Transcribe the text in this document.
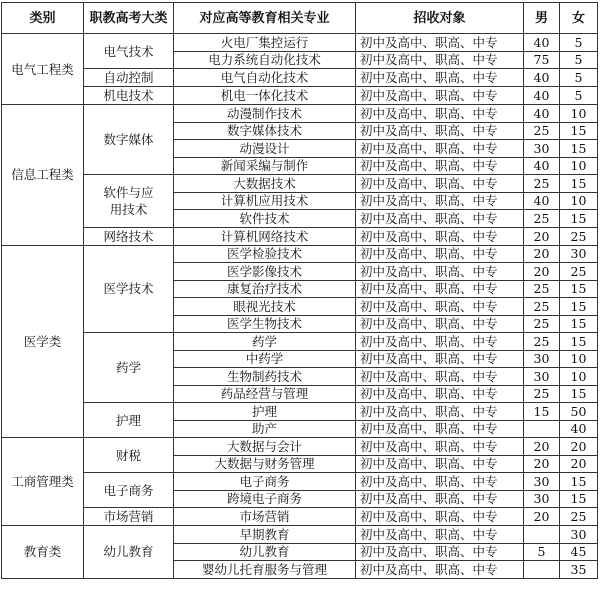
类别	职教高考大类	对应高等教育相关专业	招收对象	男	女
电气工程类	电气技术	火电厂集控运行	初中及高中、职高、中专	40	5
		电力系统自动化技术	初中及高中、职高、中专	75	5
	自动控制	电气自动化技术	初中及高中、职高、中专	40	5
	机电技术	机电一体化技术	初中及高中、职高、中专	40	5
信息工程类	数字媒体	动漫制作技术	初中及高中、职高、中专	40	10
		数字媒体技术	初中及高中、职高、中专	25	15
		动漫设计	初中及高中、职高、中专	30	15
		新闻采编与制作	初中及高中、职高、中专	40	10
	软件与应用技术	大数据技术	初中及高中、职高、中专	25	15
		计算机应用技术	初中及高中、职高、中专	40	10
		软件技术	初中及高中、职高、中专	25	15
	网络技术	计算机网络技术	初中及高中、职高、中专	20	25
医学类	医学技术	医学检验技术	初中及高中、职高、中专	20	30
		医学影像技术	初中及高中、职高、中专	20	25
		康复治疗技术	初中及高中、职高、中专	25	15
		眼视光技术	初中及高中、职高、中专	25	15
		医学生物技术	初中及高中、职高、中专	25	15
	药学	药学	初中及高中、职高、中专	25	15
		中药学	初中及高中、职高、中专	30	10
		生物制药技术	初中及高中、职高、中专	30	10
		药品经营与管理	初中及高中、职高、中专	25	15
	护理	护理	初中及高中、职高、中专	15	50
		助产	初中及高中、职高、中专		40
工商管理类	财税	大数据与会计	初中及高中、职高、中专	20	20
		大数据与财务管理	初中及高中、职高、中专	20	20
	电子商务	电子商务	初中及高中、职高、中专	30	15
		跨境电子商务	初中及高中、职高、中专	30	15
	市场营销	市场营销	初中及高中、职高、中专	20	25
教育类	幼儿教育	早期教育	初中及高中、职高、中专		30
		幼儿教育	初中及高中、职高、中专	5	45
		婴幼儿托育服务与管理	初中及高中、职高、中专		35
